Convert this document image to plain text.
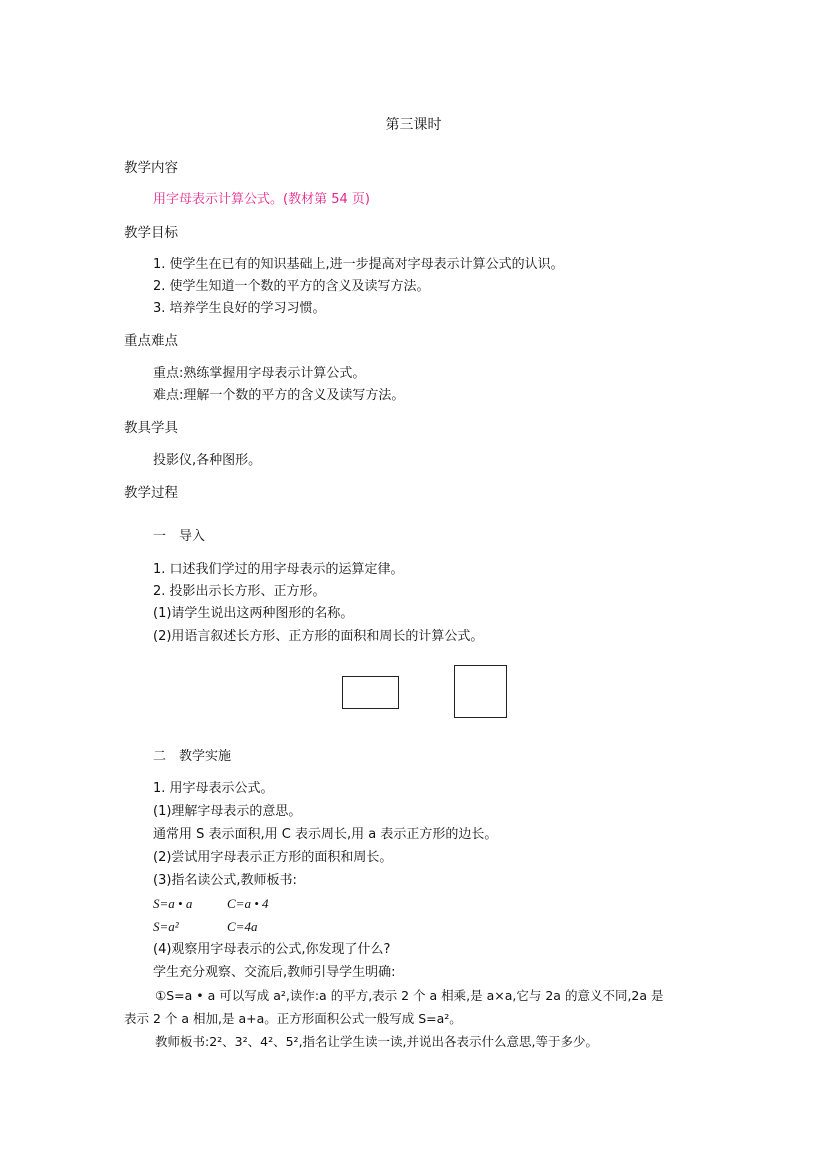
第三课时
教学内容
用字母表示计算公式。(教材第 54 页)
教学目标
1. 使学生在已有的知识基础上,进一步提高对字母表示计算公式的认识。
2. 使学生知道一个数的平方的含义及读写方法。
3. 培养学生良好的学习习惯。
重点难点
重点:熟练掌握用字母表示计算公式。
难点:理解一个数的平方的含义及读写方法。
教具学具
投影仪,各种图形。
教学过程
一　导入
1. 口述我们学过的用字母表示的运算定律。
2. 投影出示长方形、正方形。
(1)请学生说出这两种图形的名称。
(2)用语言叙述长方形、正方形的面积和周长的计算公式。
二　教学实施
1. 用字母表示公式。
(1)理解字母表示的意思。
通常用 S 表示面积,用 C 表示周长,用 a 表示正方形的边长。
(2)尝试用字母表示正方形的面积和周长。
(3)指名读公式,教师板书:
S=a • a	C=a • 4
S=a²	C=4a
(4)观察用字母表示的公式,你发现了什么?
学生充分观察、交流后,教师引导学生明确:
①S=a • a 可以写成 a²,读作:a 的平方,表示 2 个 a 相乘,是 a×a,它与 2a 的意义不同,2a 是
表示 2 个 a 相加,是 a+a。正方形面积公式一般写成 S=a²。
教师板书:2²、3²、4²、5²,指名让学生读一读,并说出各表示什么意思,等于多少。
